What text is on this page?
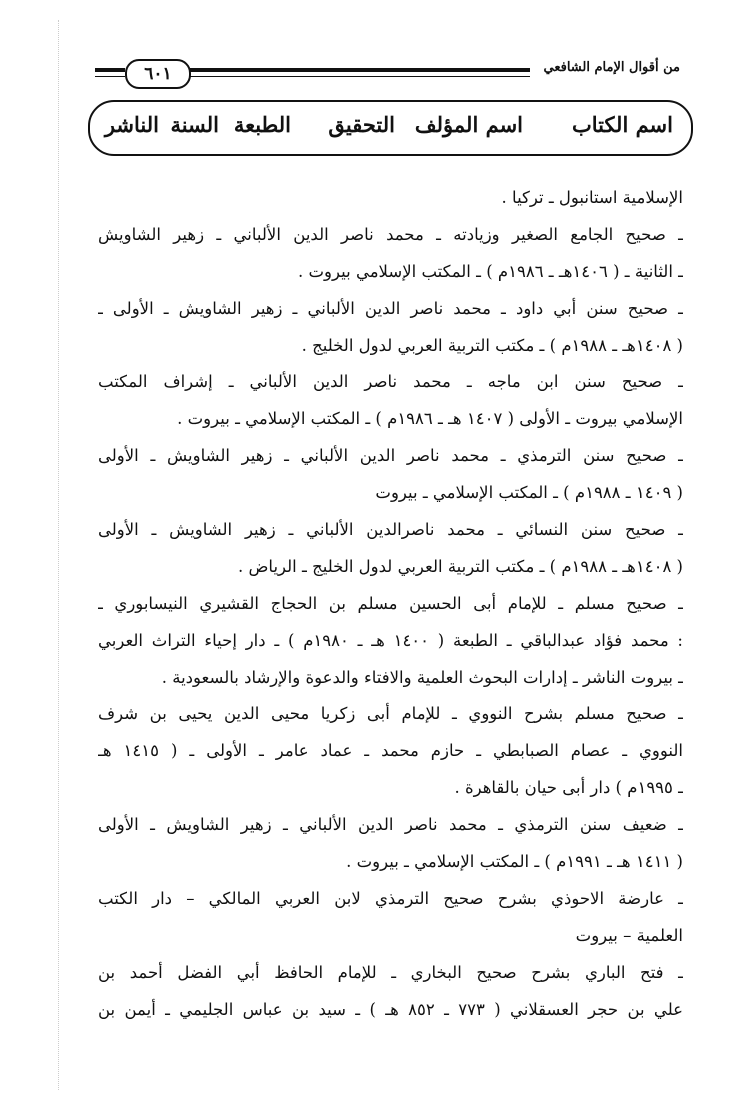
من أقوال الإمام الشافعي
٦٠١
اسم الكتاب
اسم المؤلف
التحقيق
الطبعة
السنة
الناشر
الإسلامية استانبول ـ تركيا .
ـ صحيح الجامع الصغير وزيادته ـ محمد ناصر الدين الألباني ـ زهير الشاويش
ـ الثانية ـ ( ١٤٠٦هـ ـ ١٩٨٦م ) ـ المكتب الإسلامي بيروت .
ـ صحيح سنن أبي داود ـ محمد ناصر الدين الألباني ـ زهير الشاويش ـ الأولى ـ
( ١٤٠٨هـ ـ ١٩٨٨م ) ـ مكتب التربية العربي لدول الخليج .
ـ صحيح سنن ابن ماجه ـ محمد ناصر الدين الألباني ـ إشراف المكتب
الإسلامي بيروت ـ الأولى ( ١٤٠٧ هـ ـ ١٩٨٦م ) ـ المكتب الإسلامي ـ بيروت .
ـ صحيح سنن الترمذي ـ محمد ناصر الدين الألباني ـ زهير الشاويش ـ الأولى
( ١٤٠٩ ـ ١٩٨٨م ) ـ المكتب الإسلامي ـ بيروت
ـ صحيح سنن النسائي ـ محمد ناصرالدين الألباني ـ زهير الشاويش ـ الأولى
( ١٤٠٨هـ ـ ١٩٨٨م ) ـ مكتب التربية العربي لدول الخليج ـ الرياض .
ـ صحيح مسلم ـ للإمام أبى الحسين مسلم بن الحجاج القشيري النيسابوري ـ
: محمد فؤاد عبدالباقي ـ الطبعة ( ١٤٠٠ هـ ـ ١٩٨٠م ) ـ دار إحياء التراث العربي
ـ بيروت الناشر ـ إدارات البحوث العلمية والافتاء والدعوة والإرشاد بالسعودية .
ـ صحيح مسلم بشرح النووي ـ للإمام أبى زكريا محيى الدين يحيى بن شرف
النووي ـ عصام الصبابطي ـ حازم محمد ـ عماد عامر ـ الأولى ـ ( ١٤١٥ هـ
ـ ١٩٩٥م ) دار أبى حيان بالقاهرة .
ـ ضعيف سنن الترمذي ـ محمد ناصر الدين الألباني ـ زهير الشاويش ـ الأولى
( ١٤١١ هـ ـ ١٩٩١م ) ـ المكتب الإسلامي ـ بيروت .
ـ عارضة الاحوذي بشرح صحيح الترمذي لابن العربي المالكي – دار الكتب
العلمية – بيروت
ـ فتح الباري بشرح صحيح البخاري ـ للإمام الحافظ أبي الفضل أحمد بن
علي بن حجر العسقلاني ( ٧٧٣ ـ ٨٥٢ هـ ) ـ سيد بن عباس الجليمي ـ أيمن بن
